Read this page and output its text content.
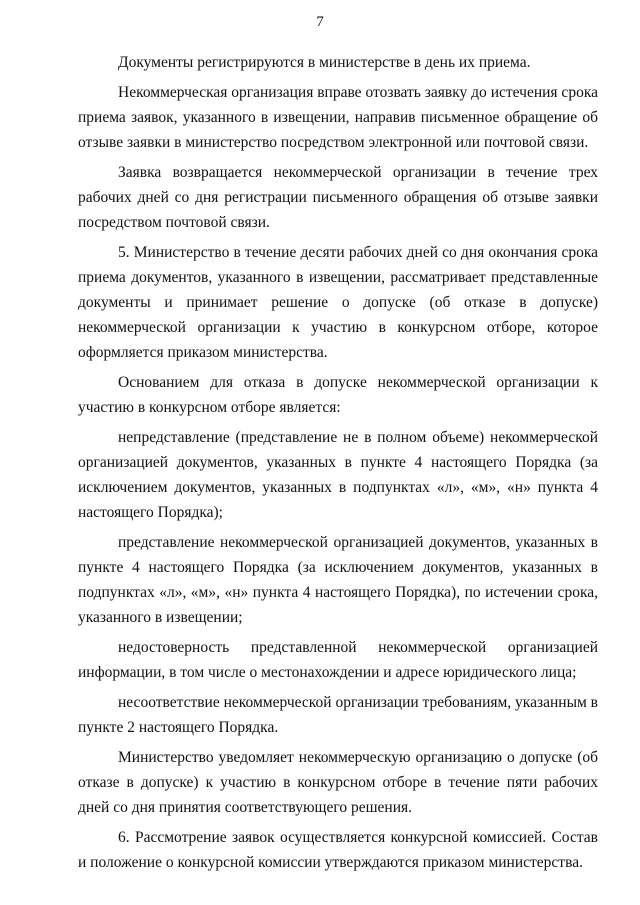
7

Документы регистрируются в министерстве в день их приема.

Некоммерческая организация вправе отозвать заявку до истечения срока приема заявок, указанного в извещении, направив письменное обращение об отзыве заявки в министерство посредством электронной или почтовой связи.

Заявка возвращается некоммерческой организации в течение трех рабочих дней со дня регистрации письменного обращения об отзыве заявки посредством почтовой связи.

5. Министерство в течение десяти рабочих дней со дня окончания срока приема документов, указанного в извещении, рассматривает представленные документы и принимает решение о допуске (об отказе в допуске) некоммерческой организации к участию в конкурсном отборе, которое оформляется приказом министерства.

Основанием для отказа в допуске некоммерческой организации к участию в конкурсном отборе является:

непредставление (представление не в полном объеме) некоммерческой организацией документов, указанных в пункте 4 настоящего Порядка (за исключением документов, указанных в подпунктах «л», «м», «н» пункта 4 настоящего Порядка);

представление некоммерческой организацией документов, указанных в пункте 4 настоящего Порядка (за исключением документов, указанных в подпунктах «л», «м», «н» пункта 4 настоящего Порядка), по истечении срока, указанного в извещении;

недостоверность представленной некоммерческой организацией информации, в том числе о местонахождении и адресе юридического лица;

несоответствие некоммерческой организации требованиям, указанным в пункте 2 настоящего Порядка.

Министерство уведомляет некоммерческую организацию о допуске (об отказе в допуске) к участию в конкурсном отборе в течение пяти рабочих дней со дня принятия соответствующего решения.

6. Рассмотрение заявок осуществляется конкурсной комиссией. Состав и положение о конкурсной комиссии утверждаются приказом министерства.
